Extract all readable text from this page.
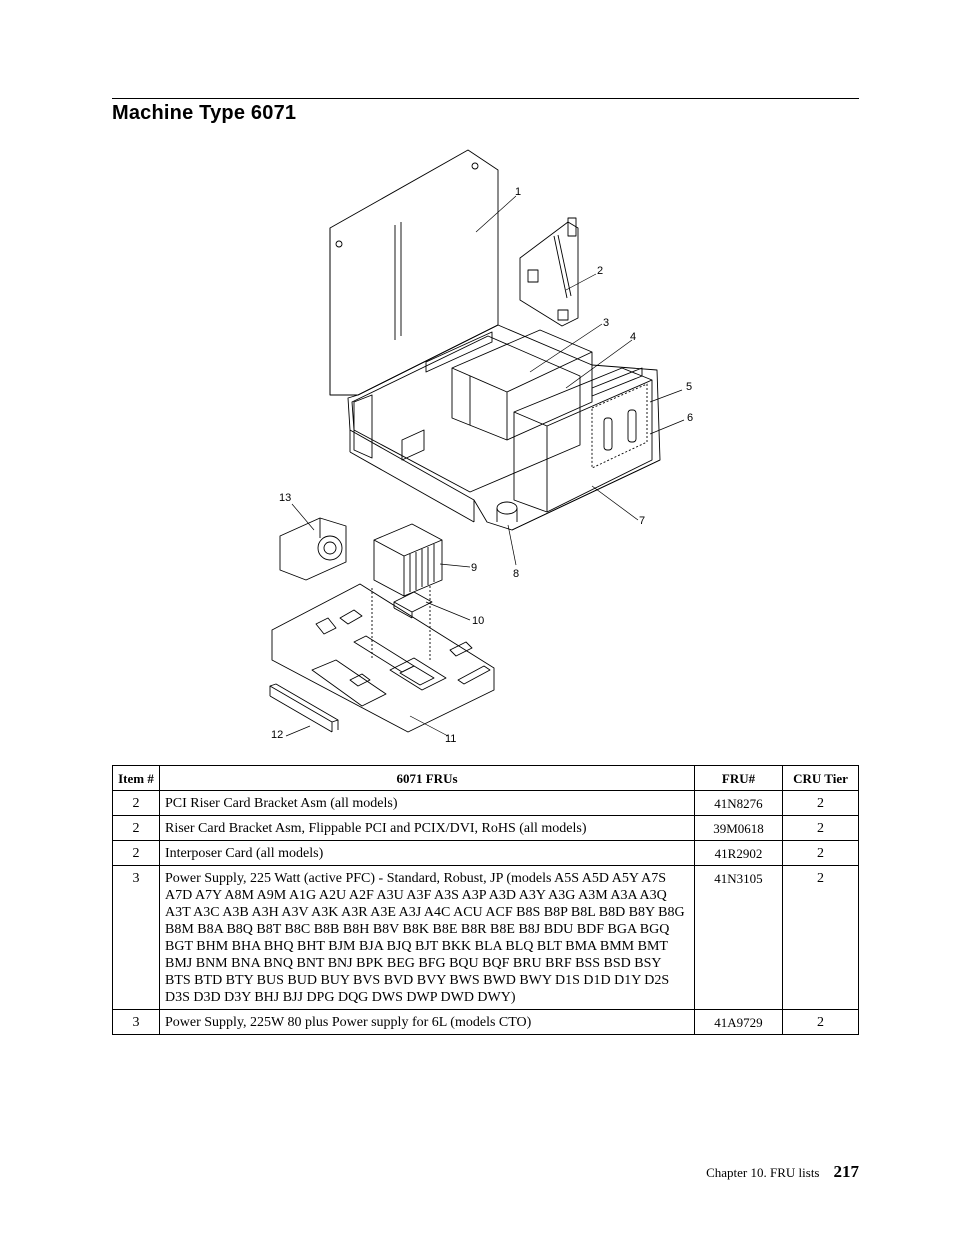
Machine Type 6071
1
2
3
4
5
6
7
8
9
10
11
12
13
Item #	6071 FRUs	FRU#	CRU Tier
2	PCI Riser Card Bracket Asm (all models)	41N8276	2
2	Riser Card Bracket Asm, Flippable PCI and PCIX/DVI, RoHS (all models)	39M0618	2
2	Interposer Card (all models)	41R2902	2
3	Power Supply, 225 Watt (active PFC) - Standard, Robust, JP (models A5S A5D A5Y A7S A7D A7Y A8M A9M A1G A2U A2F A3U A3F A3S A3P A3D A3Y A3G A3M A3A A3Q A3T A3C A3B A3H A3V A3K A3R A3E A3J A4C ACU ACF B8S B8P B8L B8D B8Y B8G B8M B8A B8Q B8T B8C B8B B8H B8V B8K B8E B8R B8E B8J BDU BDF BGA BGQ BGT BHM BHA BHQ BHT BJM BJA BJQ BJT BKK BLA BLQ BLT BMA BMM BMT BMJ BNM BNA BNQ BNT BNJ BPK BEG BFG BQU BQF BRU BRF BSS BSD BSY BTS BTD BTY BUS BUD BUY BVS BVD BVY BWS BWD BWY D1S D1D D1Y D2S D3S D3D D3Y BHJ BJJ DPG DQG DWS DWP DWD DWY)	41N3105	2
3	Power Supply, 225W 80 plus Power supply for 6L (models CTO)	41A9729	2
Chapter 10. FRU lists 217
